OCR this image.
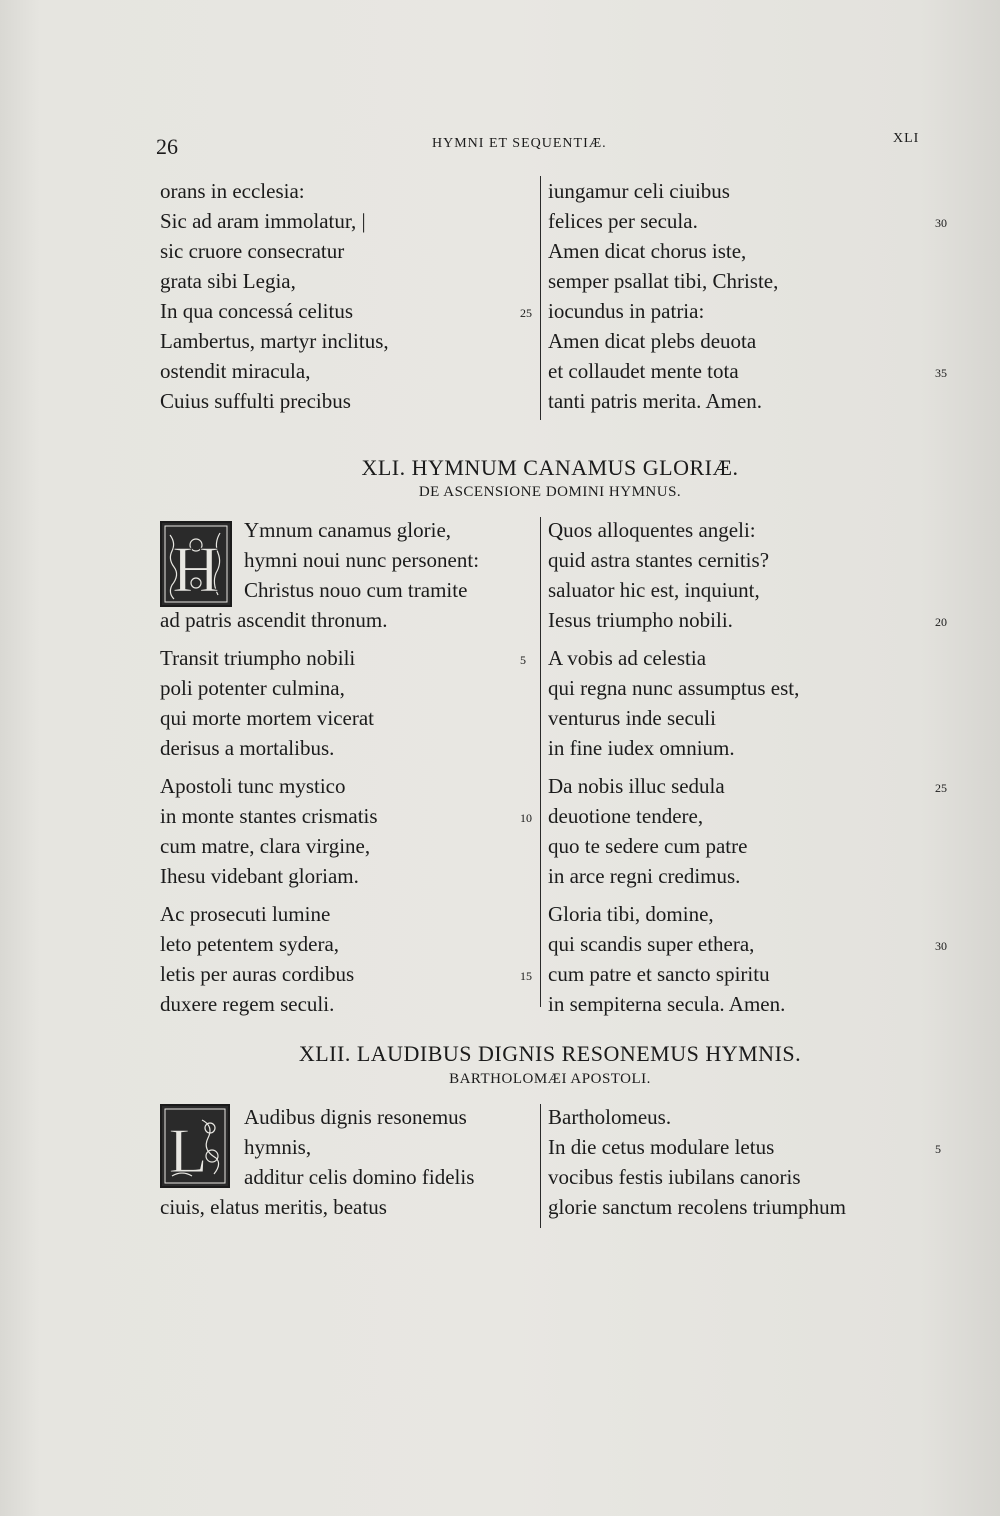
26	HYMNI ET SEQUENTIÆ.	XLI
orans in ecclesia:
Sic ad aram immolatur, |
sic cruore consecratur
grata sibi Legia,
In qua concessá celitus	25
Lambertus, martyr inclitus,
ostendit miracula,
Cuius suffulti precibus
iungamur celi ciuibus
felices per secula.	30
Amen dicat chorus iste,
semper psallat tibi, Christe,
iocundus in patria:
Amen dicat plebs deuota
et collaudet mente tota	35
tanti patris merita. Amen.
XLI. HYMNUM CANAMUS GLORIÆ.
DE ASCENSIONE DOMINI HYMNUS.
H
Ymnum canamus glorie,
hymni noui nunc personent:
Christus nouo cum tramite
ad patris ascendit thronum.
Transit triumpho nobili	5
poli potenter culmina,
qui morte mortem vicerat
derisus a mortalibus.
Apostoli tunc mystico
in monte stantes crismatis	10
cum matre, clara virgine,
Ihesu videbant gloriam.
Ac prosecuti lumine
leto petentem sydera,
letis per auras cordibus	15
duxere regem seculi.
Quos alloquentes angeli:
quid astra stantes cernitis?
saluator hic est, inquiunt,
Iesus triumpho nobili.	20
A vobis ad celestia
qui regna nunc assumptus est,
venturus inde seculi
in fine iudex omnium.
Da nobis illuc sedula	25
deuotione tendere,
quo te sedere cum patre
in arce regni credimus.
Gloria tibi, domine,
qui scandis super ethera,	30
cum patre et sancto spiritu
in sempiterna secula. Amen.
XLII. LAUDIBUS DIGNIS RESONEMUS HYMNIS.
BARTHOLOMÆI APOSTOLI.
L	Audibus dignis resonemus
hymnis,
additur celis domino fidelis
ciuis, elatus meritis, beatus
Bartholomeus.
In die cetus modulare letus	5
vocibus festis iubilans canoris
glorie sanctum recolens triumphum
